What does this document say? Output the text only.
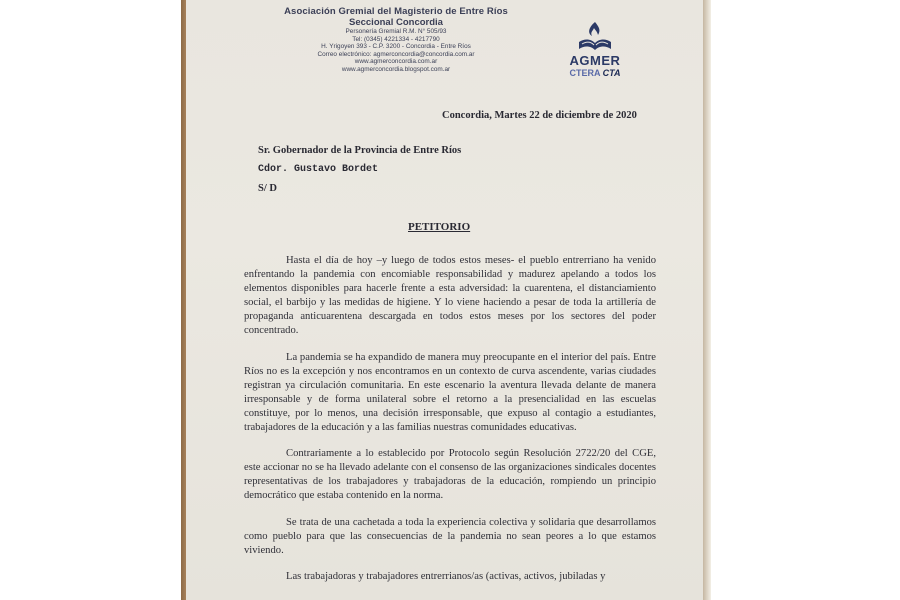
Asociación Gremial del Magisterio de Entre Ríos
Seccional Concordia
Personería Gremial R.M. N° 505/93
Tel: (0345) 4221334 - 4217790
H. Yrigoyen 393 - C.P. 3200 - Concordia - Entre Ríos
Correo electrónico: agmerconcordia@concordia.com.ar
www.agmerconcordia.com.ar
www.agmerconcordia.blogspot.com.ar
AGMER
CTERA CTA
Concordia, Martes 22 de diciembre de 2020
Sr. Gobernador de la Provincia de Entre Ríos
Cdor. Gustavo Bordet
S/ D
PETITORIO

Hasta el día de hoy –y luego de todos estos meses- el pueblo entrerriano ha venido enfrentando la pandemia con encomiable responsabilidad y madurez apelando a todos los elementos disponibles para hacerle frente a esta adversidad: la cuarentena, el distanciamiento social, el barbijo y las medidas de higiene. Y lo viene haciendo a pesar de toda la artillería de propaganda anticuarentena descargada en todos estos meses por los sectores del poder concentrado.

La pandemia se ha expandido de manera muy preocupante en el interior del país. Entre Ríos no es la excepción y nos encontramos en un contexto de curva ascendente, varias ciudades registran ya circulación comunitaria. En este escenario la aventura llevada delante de manera irresponsable y de forma unilateral sobre el retorno a la presencialidad en las escuelas constituye, por lo menos, una decisión irresponsable, que expuso al contagio a estudiantes, trabajadores de la educación y a las familias nuestras comunidades educativas.

Contrariamente a lo establecido por Protocolo según Resolución 2722/20 del CGE, este accionar no se ha llevado adelante con el consenso de las organizaciones sindicales docentes representativas de los trabajadores y trabajadoras de la educación, rompiendo un principio democrático que estaba contenido en la norma.

Se trata de una cachetada a toda la experiencia colectiva y solidaria que desarrollamos como pueblo para que las consecuencias de la pandemia no sean peores a lo que estamos viviendo.

Las trabajadoras y trabajadores entrerrianos/as (activas, activos, jubiladas y
